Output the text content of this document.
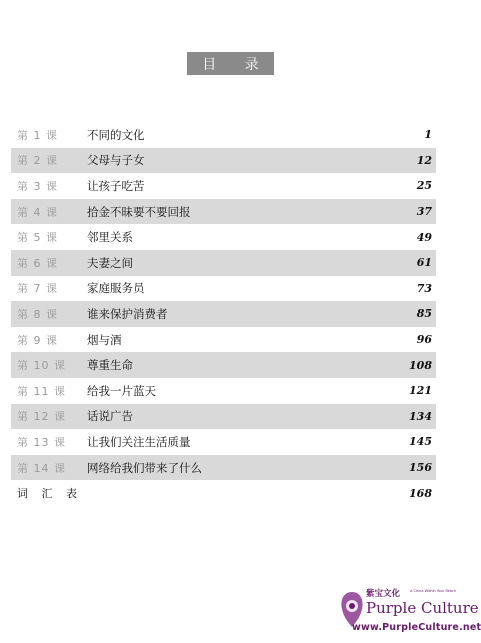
目 录
第 1 课	不同的文化	1
第 2 课	父母与子女	12
第 3 课	让孩子吃苦	25
第 4 课	拾金不昧要不要回报	37
第 5 课	邻里关系	49
第 6 课	夫妻之间	61
第 7 课	家庭服务员	73
第 8 课	谁来保护消费者	85
第 9 课	烟与酒	96
第 10 课	尊重生命	108
第 11 课	给我一片蓝天	121
第 12 课	话说广告	134
第 13 课	让我们关注生活质量	145
第 14 课	网络给我们带来了什么	156
词 汇 表	168
紫宝文化	A China Within Your Reach
Purple Culture
www.PurpleCulture.net
